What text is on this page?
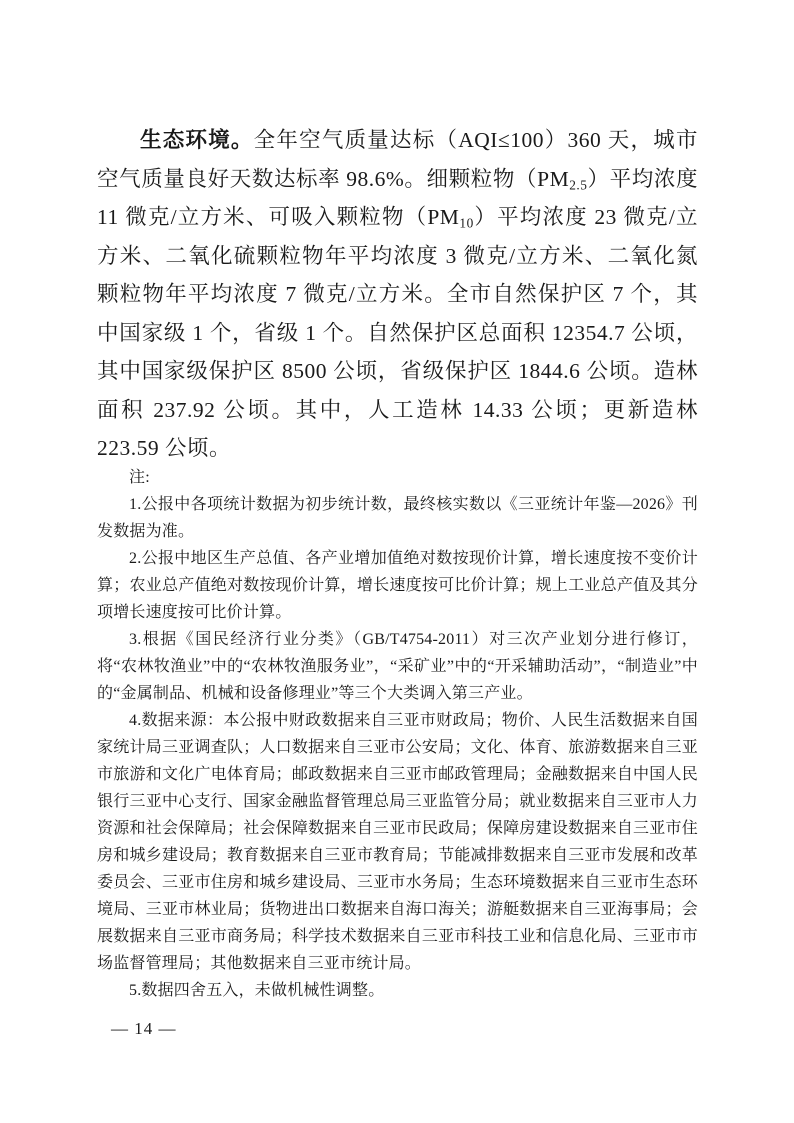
生态环境。全年空气质量达标（AQI≤100）360 天，城市空气质量良好天数达标率 98.6%。细颗粒物$(PM_{2.5})$平均浓度 11 微克/立方米、可吸入颗粒物$(PM_{10})$平均浓度 23 微克/立方米、二氧化硫颗粒物年平均浓度 3 微克/立方米、二氧化氮颗粒物年平均浓度 7 微克/立方米。全市自然保护区 7 个，其中国家级 1 个，省级 1 个。自然保护区总面积 12354.7 公顷，其中国家级保护区 8500 公顷，省级保护区 1844.6 公顷。造林面积 237.92 公顷。其中，人工造林 14.33 公顷；更新造林 223.59 公顷。

注:

1.公报中各项统计数据为初步统计数，最终核实数以《三亚统计年鉴—2026》刊发数据为准。

2.公报中地区生产总值、各产业增加值绝对数按现价计算，增长速度按不变价计算；农业总产值绝对数按现价计算，增长速度按可比价计算；规上工业总产值及其分项增长速度按可比价计算。

3.根据《国民经济行业分类》（GB/T4754-2011）对三次产业划分进行修订，将“农林牧渔业”中的“农林牧渔服务业”，“采矿业”中的“开采辅助活动”，“制造业”中的“金属制品、机械和设备修理业”等三个大类调入第三产业。

4.数据来源：本公报中财政数据来自三亚市财政局；物价、人民生活数据来自国家统计局三亚调查队；人口数据来自三亚市公安局；文化、体育、旅游数据来自三亚市旅游和文化广电体育局；邮政数据来自三亚市邮政管理局；金融数据来自中国人民银行三亚中心支行、国家金融监督管理总局三亚监管分局；就业数据来自三亚市人力资源和社会保障局；社会保障数据来自三亚市民政局；保障房建设数据来自三亚市住房和城乡建设局；教育数据来自三亚市教育局；节能减排数据来自三亚市发展和改革委员会、三亚市住房和城乡建设局、三亚市水务局；生态环境数据来自三亚市生态环境局、三亚市林业局；货物进出口数据来自海口海关；游艇数据来自三亚海事局；会展数据来自三亚市商务局；科学技术数据来自三亚市科技工业和信息化局、三亚市市场监督管理局；其他数据来自三亚市统计局。

5.数据四舍五入，未做机械性调整。

— 14 —
